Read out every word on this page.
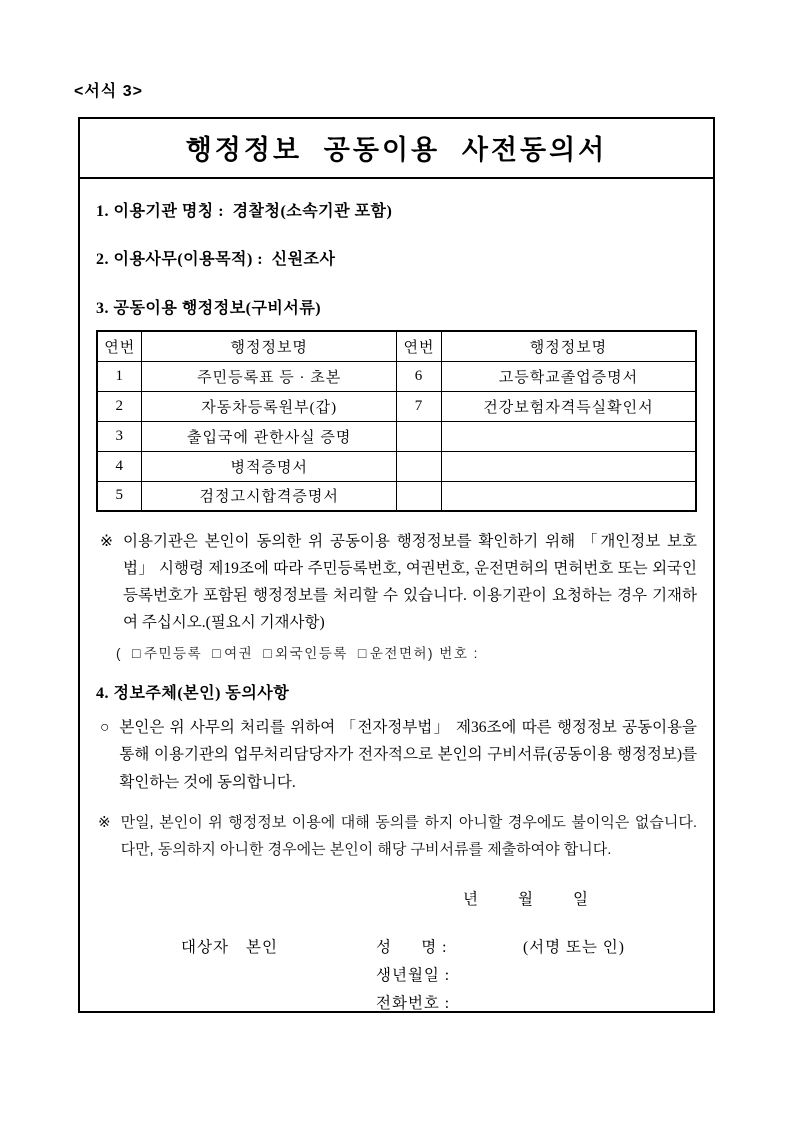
<서식 3>
행정정보 공동이용 사전동의서
1. 이용기관 명칭 : 경찰청(소속기관 포함)
2. 이용사무(이용목적) : 신원조사
3. 공동이용 행정정보(구비서류)
연번	행정정보명	연번	행정정보명
1	주민등록표 등 · 초본	6	고등학교졸업증명서
2	자동차등록원부(갑)	7	건강보험자격득실확인서
3	출입국에 관한사실 증명		
4	병적증명서		
5	검정고시합격증명서		
※ 이용기관은 본인이 동의한 위 공동이용 행정정보를 확인하기 위해 「개인정보 보호법」 시행령 제19조에 따라 주민등록번호, 여권번호, 운전면허의 면허번호 또는 외국인 등록번호가 포함된 행정정보를 처리할 수 있습니다. 이용기관이 요청하는 경우 기재하여 주십시오.(필요시 기재사항)
( □ 주민등록 □ 여권 □ 외국인등록 □ 운전면허) 번호 :
4. 정보주체(본인) 동의사항
○ 본인은 위 사무의 처리를 위하여 「전자정부법」 제36조에 따른 행정정보 공동이용을 통해 이용기관의 업무처리담당자가 전자적으로 본인의 구비서류(공동이용 행정정보)를 확인하는 것에 동의합니다.
※ 만일, 본인이 위 행정정보 이용에 대해 동의를 하지 아니할 경우에도 불이익은 없습니다. 다만, 동의하지 아니한 경우에는 본인이 해당 구비서류를 제출하여야 합니다.
년        월        일
대상자 본인	성      명 :	(서명 또는 인)
생년월일 :
전화번호 :
